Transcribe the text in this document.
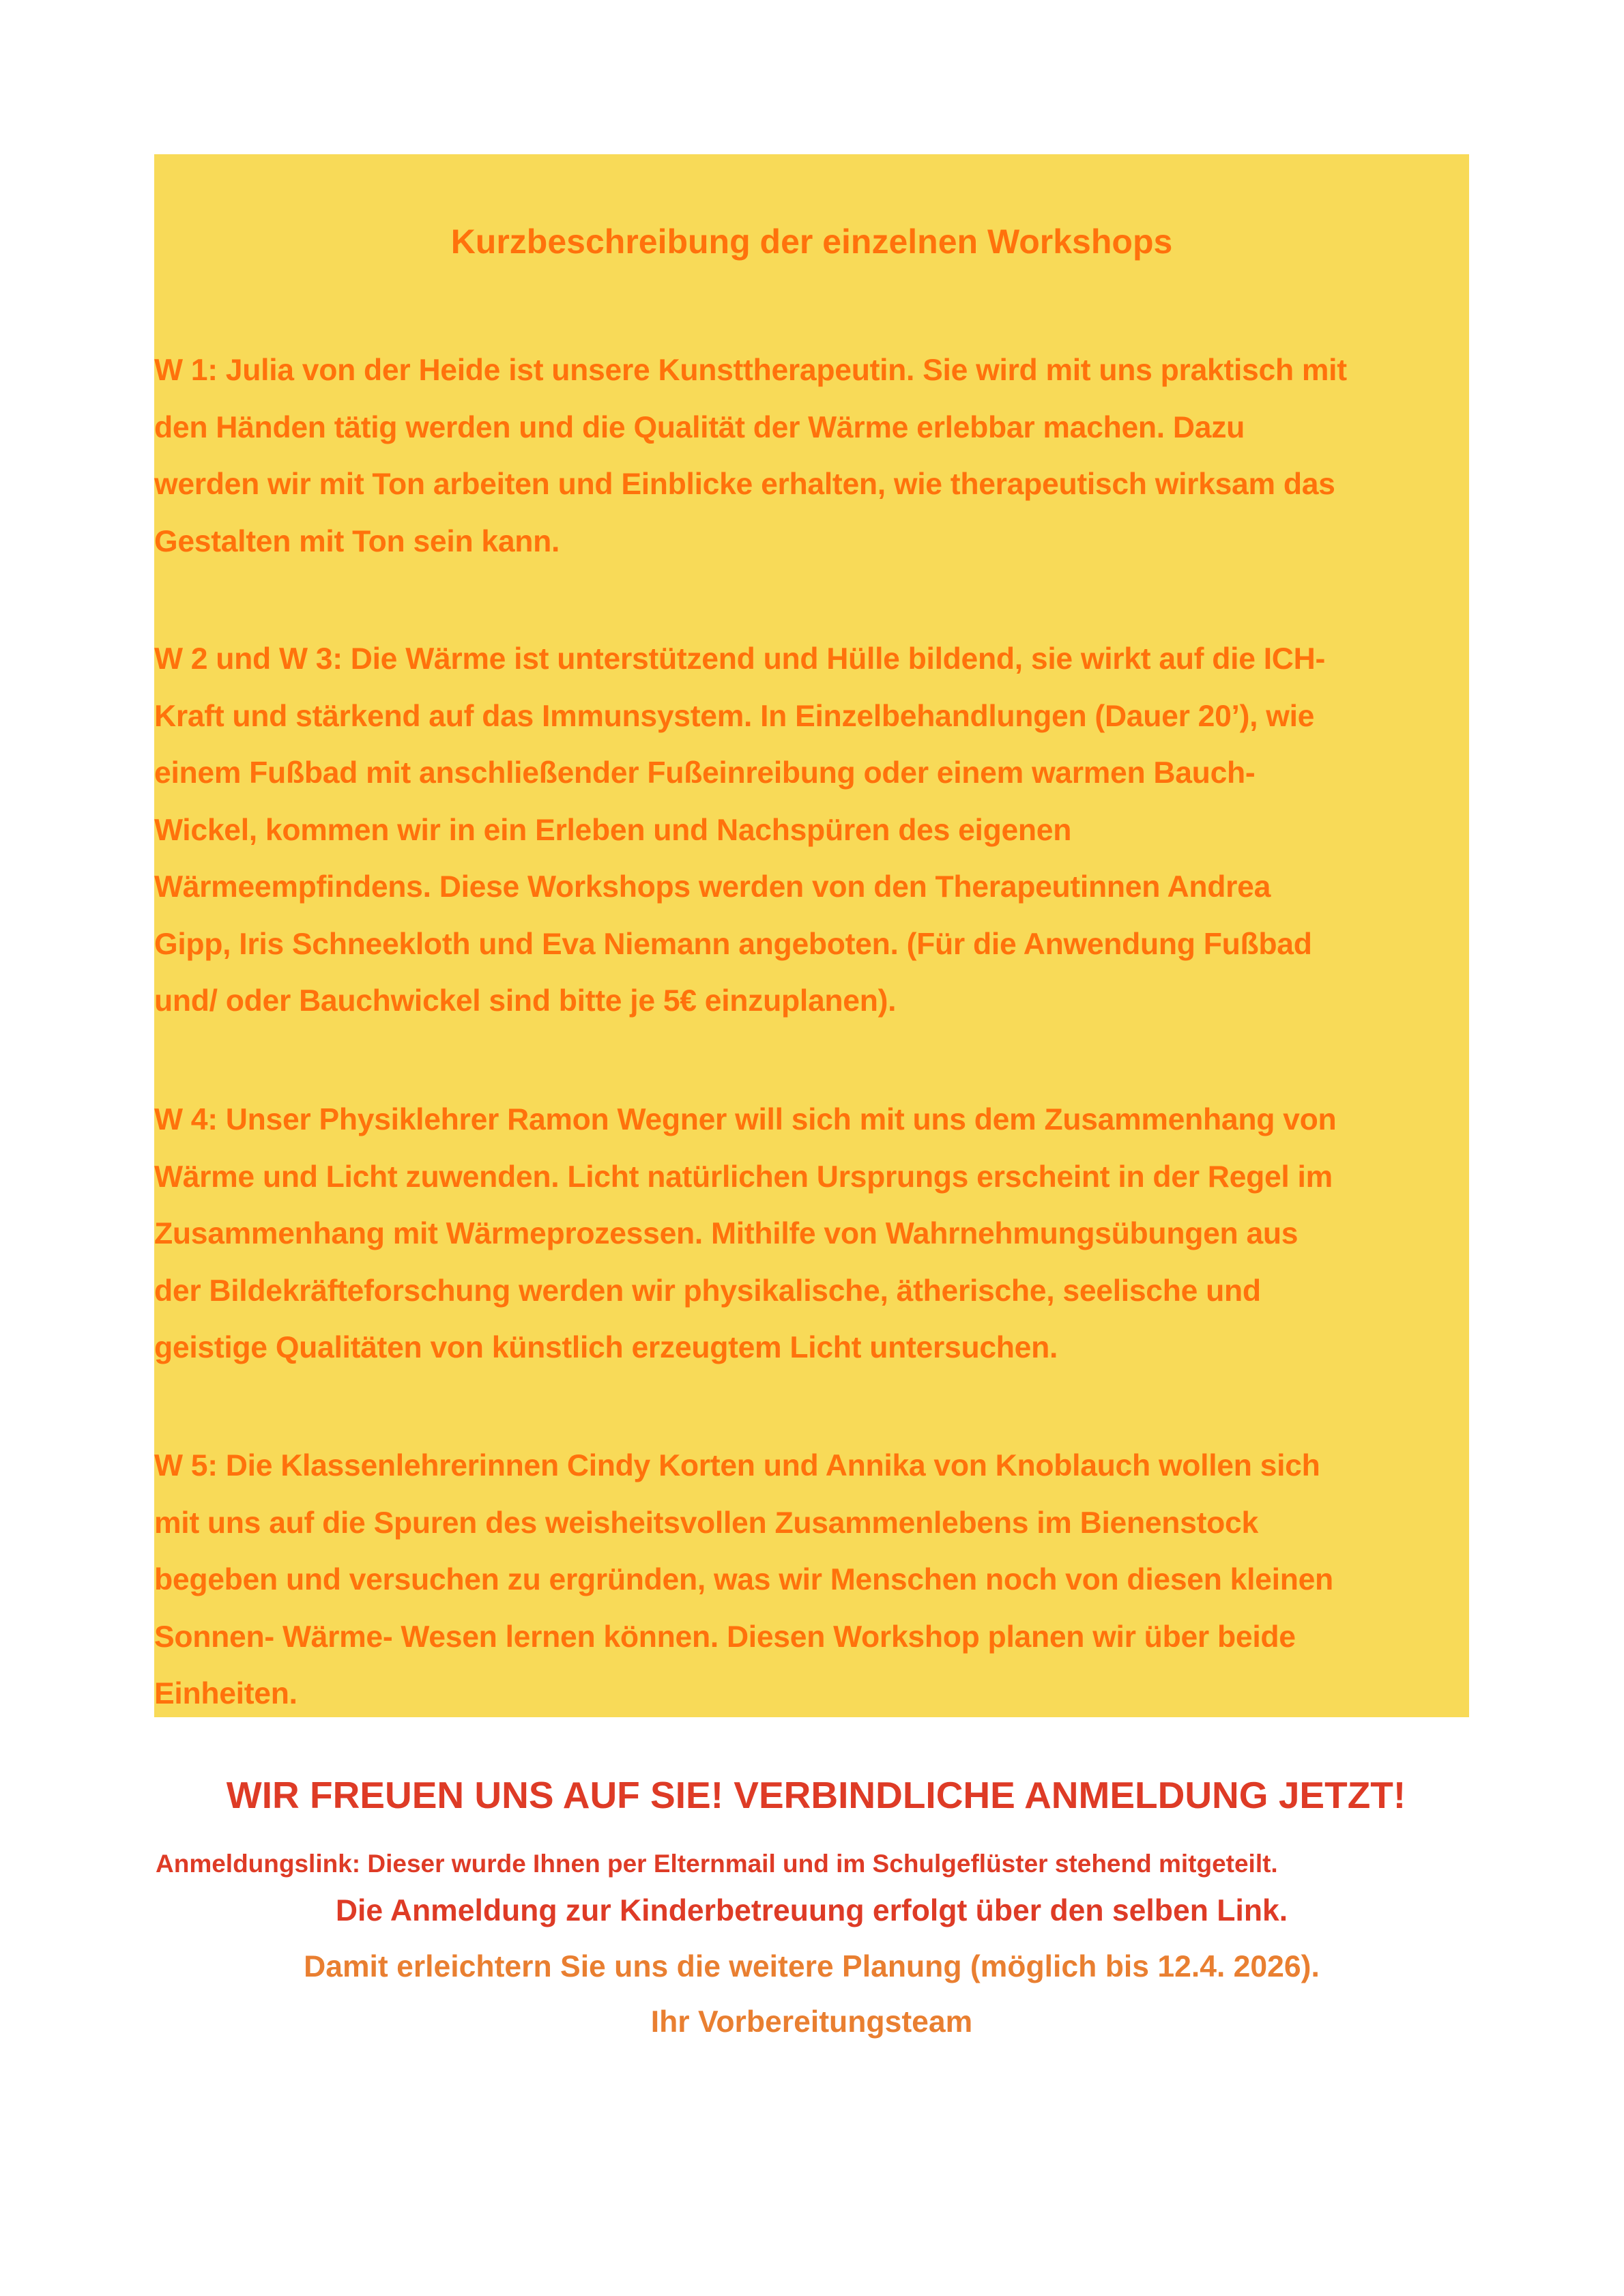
Kurzbeschreibung der einzelnen Workshops

W 1: Julia von der Heide ist unsere Kunsttherapeutin. Sie wird mit uns praktisch mit
den Händen tätig werden und die Qualität der Wärme erlebbar machen. Dazu
werden wir mit Ton arbeiten und Einblicke erhalten, wie therapeutisch wirksam das
Gestalten mit Ton sein kann.

W 2 und W 3: Die Wärme ist unterstützend und Hülle bildend, sie wirkt auf die ICH-
Kraft und stärkend auf das Immunsystem. In Einzelbehandlungen (Dauer 20’), wie
einem Fußbad mit anschließender Fußeinreibung oder einem warmen Bauch-
Wickel, kommen wir in ein Erleben und Nachspüren des eigenen
Wärmeempfindens. Diese Workshops werden von den Therapeutinnen Andrea
Gipp, Iris Schneekloth und Eva Niemann angeboten. (Für die Anwendung Fußbad
und/ oder Bauchwickel sind bitte je 5€ einzuplanen).

W 4: Unser Physiklehrer Ramon Wegner will sich mit uns dem Zusammenhang von
Wärme und Licht zuwenden. Licht natürlichen Ursprungs erscheint in der Regel im
Zusammenhang mit Wärmeprozessen. Mithilfe von Wahrnehmungsübungen aus
der Bildekräfteforschung werden wir physikalische, ätherische, seelische und
geistige Qualitäten von künstlich erzeugtem Licht untersuchen.

W 5: Die Klassenlehrerinnen Cindy Korten und Annika von Knoblauch wollen sich
mit uns auf die Spuren des weisheitsvollen Zusammenlebens im Bienenstock
begeben und versuchen zu ergründen, was wir Menschen noch von diesen kleinen
Sonnen- Wärme- Wesen lernen können. Diesen Workshop planen wir über beide
Einheiten.

WIR FREUEN UNS AUF SIE! VERBINDLICHE ANMELDUNG JETZT!

Anmeldungslink: Dieser wurde Ihnen per Elternmail und im Schulgeflüster stehend mitgeteilt.

Die Anmeldung zur Kinderbetreuung erfolgt über den selben Link.

Damit erleichtern Sie uns die weitere Planung (möglich bis 12.4. 2026).

Ihr Vorbereitungsteam
